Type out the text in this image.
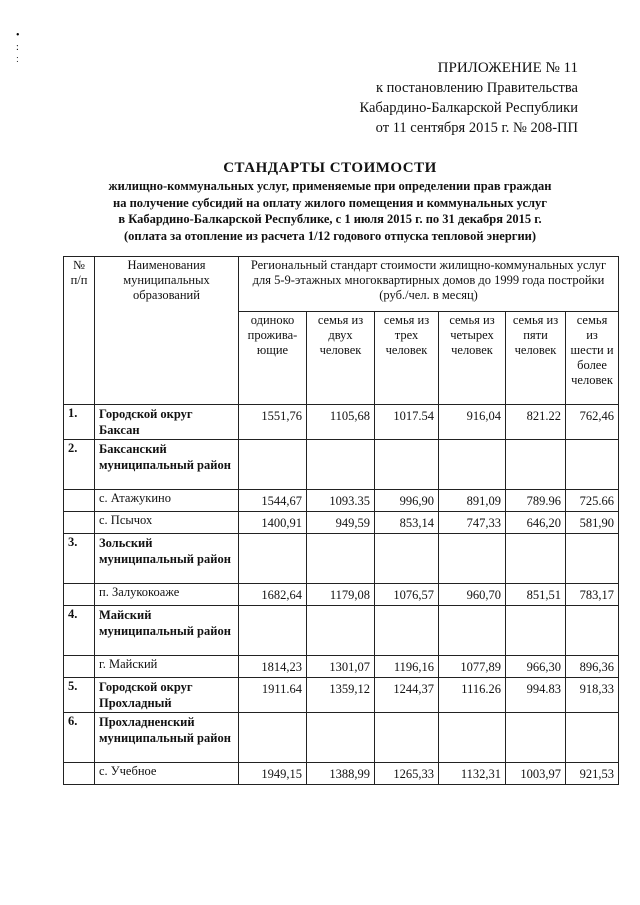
•
:
ː
ПРИЛОЖЕНИЕ № 11
к постановлению Правительства
Кабардино-Балкарской Республики
от 11 сентября 2015 г. № 208-ПП
СТАНДАРТЫ СТОИМОСТИ

жилищно-коммунальных услуг, применяемые при определении прав граждан

на получение субсидий на оплату жилого помещения и коммунальных услуг

в Кабардино-Балкарской Республике, с 1 июля 2015 г. по 31 декабря 2015 г.

(оплата за отопление из расчета 1/12 годового отпуска тепловой энергии)

№ п/п	Наименования муниципальных образований	Региональный стандарт стоимости жилищно-коммунальных услуг для 5-9-этажных многоквартирных домов до 1999 года постройки (руб./чел. в месяц)					
		одиноко прожива-ющие	семья из двух человек	семья из трех человек	семья из четырех человек	семья из пяти человек	семья из шести и более человек
1.	Городской округ Баксан	1551,76	1105,68	1017.54	916,04	821.22	762,46
2.	Баксанский муниципальный район						
	с. Атажукино	1544,67	1093.35	996,90	891,09	789.96	725.66
	с. Псычох	1400,91	949,59	853,14	747,33	646,20	581,90
3.	Зольский муниципальный район						
	п. Залукокоаже	1682,64	1179,08	1076,57	960,70	851,51	783,17
4.	Майский муниципальный район						
	г. Майский	1814,23	1301,07	1196,16	1077,89	966,30	896,36
5.	Городской округ Прохладный	1911.64	1359,12	1244,37	1116.26	994.83	918,33
6.	Прохладненский муниципальный район						
	с. Учебное	1949,15	1388,99	1265,33	1132,31	1003,97	921,53
